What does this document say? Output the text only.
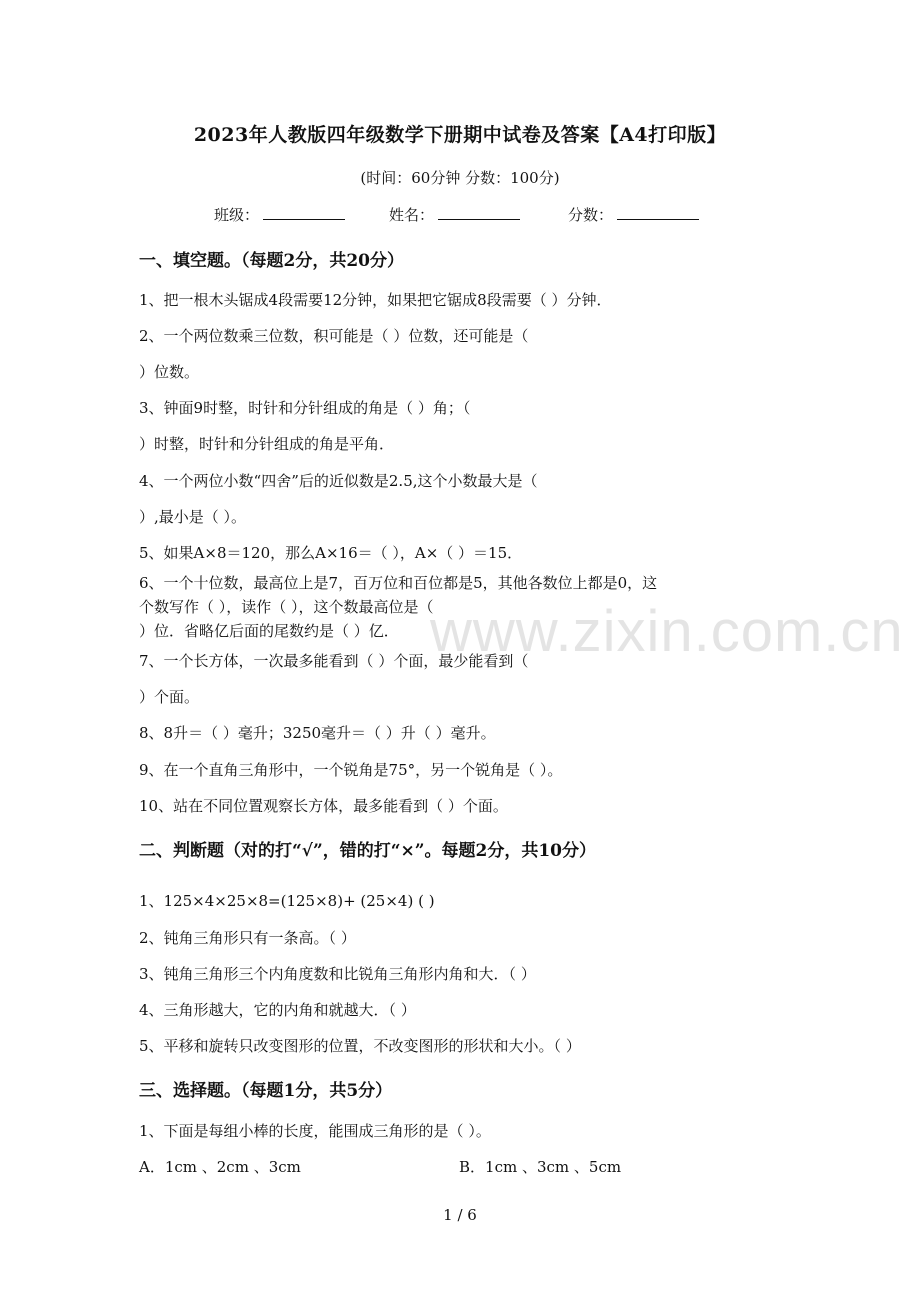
www.zixin.com.cn
2023年人教版四年级数学下册期中试卷及答案【A4打印版】
(时间：60分钟 分数：100分)
班级：	姓名：	分数：
一、填空题。（每题2分，共20分）
1、把一根木头锯成4段需要12分钟，如果把它锯成8段需要（ ）分钟．
2、一个两位数乘三位数，积可能是（ ）位数，还可能是（
）位数。
3、钟面9时整，时针和分针组成的角是（ ）角；（
）时整，时针和分针组成的角是平角．
4、一个两位小数“四舍”后的近似数是2.5,这个小数最大是（
）,最小是（ ）。
5、如果A×8＝120，那么A×16＝（ ），A×（ ）＝15．
6、一个十位数，最高位上是7，百万位和百位都是5，其他各数位上都是0，这
个数写作（ ），读作（ ），这个数最高位是（
）位．省略亿后面的尾数约是（ ）亿．
7、一个长方体，一次最多能看到（ ）个面，最少能看到（
）个面。
8、8升＝（ ）毫升；3250毫升＝（ ）升（ ）毫升。
9、在一个直角三角形中，一个锐角是75°，另一个锐角是（ ）。
10、站在不同位置观察长方体，最多能看到（ ）个面。
二、判断题（对的打“√”，错的打“×”。每题2分，共10分）
1、125×4×25×8=(125×8)+ (25×4) ( )
2、钝角三角形只有一条高。（ ）
3、钝角三角形三个内角度数和比锐角三角形内角和大．（ ）
4、三角形越大，它的内角和就越大．（ ）
5、平移和旋转只改变图形的位置，不改变图形的形状和大小。（ ）
三、选择题。（每题1分，共5分）
1、下面是每组小棒的长度，能围成三角形的是（ ）。
A．1cm 、2cm 、3cm	B．1cm 、3cm 、5cm
1 / 6
